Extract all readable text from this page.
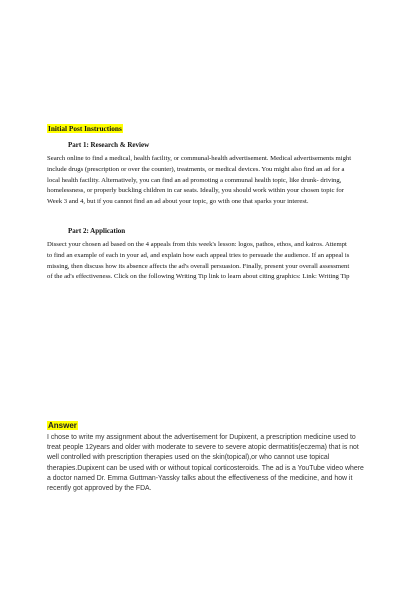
Initial Post Instructions
Part 1: Research & Review

Search online to find a medical, health facility, or communal-health advertisement. Medical advertisements might include drugs (prescription or over the counter), treatments, or medical devices. You might also find an ad for a local health facility. Alternatively, you can find an ad promoting a communal health topic, like drunk- driving, homelessness, or properly buckling children in car seats. Ideally, you should work within your chosen topic for Week 3 and 4, but if you cannot find an ad about your topic, go with one that sparks your interest.

Part 2: Application

Dissect your chosen ad based on the 4 appeals from this week's lesson: logos, pathos, ethos, and kairos. Attempt to find an example of each in your ad, and explain how each appeal tries to persuade the audience. If an appeal is missing, then discuss how its absence affects the ad's overall persuasion. Finally, present your overall assessment of the ad's effectiveness. Click on the following Writing Tip link to learn about citing graphics: Link: Writing Tip

Answer

I chose to write my assignment about the advertisement for Dupixent, a prescription medicine used to treat people 12years and older with moderate to severe to severe atopic dermatitis(eczema) that is not well controlled with prescription therapies used on the skin(topical),or who cannot use topical therapies.Dupixent can be used with or without topical corticosteroids. The ad is a YouTube video where a doctor named Dr. Emma Guttman-Yassky talks about the effectiveness of the medicine, and how it recently got approved by the FDA.
